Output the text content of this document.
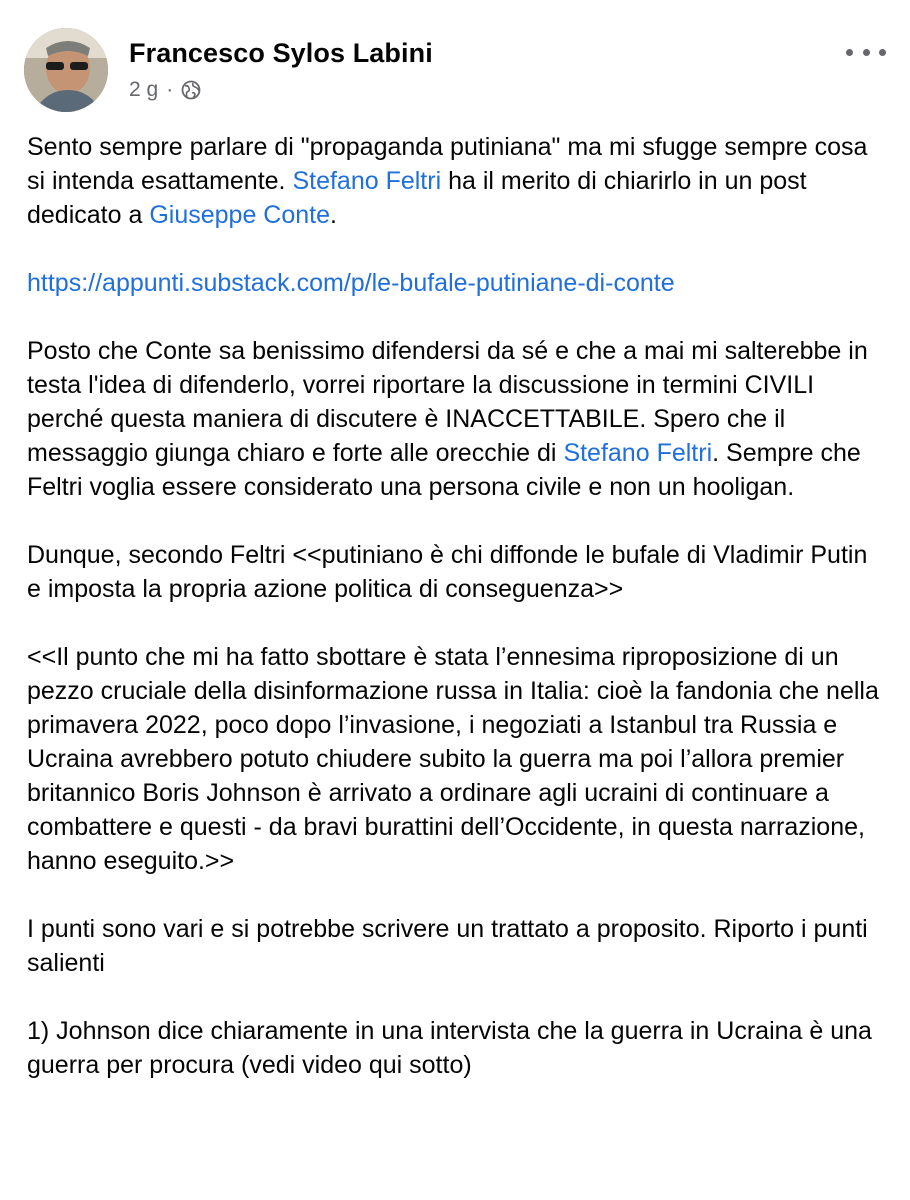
Francesco Sylos Labini
2 g ·

Sento sempre parlare di "propaganda putiniana" ma mi sfugge sempre cosa si intenda esattamente. Stefano Feltri ha il merito di chiarirlo in un post dedicato a Giuseppe Conte.

https://appunti.substack.com/p/le-bufale-putiniane-di-conte

Posto che Conte sa benissimo difendersi da sé e che a mai mi salterebbe in testa l'idea di difenderlo, vorrei riportare la discussione in termini CIVILI perché questa maniera di discutere è INACCETTABILE. Spero che il messaggio giunga chiaro e forte alle orecchie di Stefano Feltri. Sempre che Feltri voglia essere considerato una persona civile e non un hooligan.

Dunque, secondo Feltri <<putiniano è chi diffonde le bufale di Vladimir Putin e imposta la propria azione politica di conseguenza>>

<<Il punto che mi ha fatto sbottare è stata l’ennesima riproposizione di un pezzo cruciale della disinformazione russa in Italia: cioè la fandonia che nella primavera 2022, poco dopo l’invasione, i negoziati a Istanbul tra Russia e Ucraina avrebbero potuto chiudere subito la guerra ma poi l’allora premier britannico Boris Johnson è arrivato a ordinare agli ucraini di continuare a combattere e questi - da bravi burattini dell’Occidente, in questa narrazione, hanno eseguito.>>

I punti sono vari e si potrebbe scrivere un trattato a proposito. Riporto i punti salienti

1) Johnson dice chiaramente in una intervista che la guerra in Ucraina è una guerra per procura (vedi video qui sotto)
